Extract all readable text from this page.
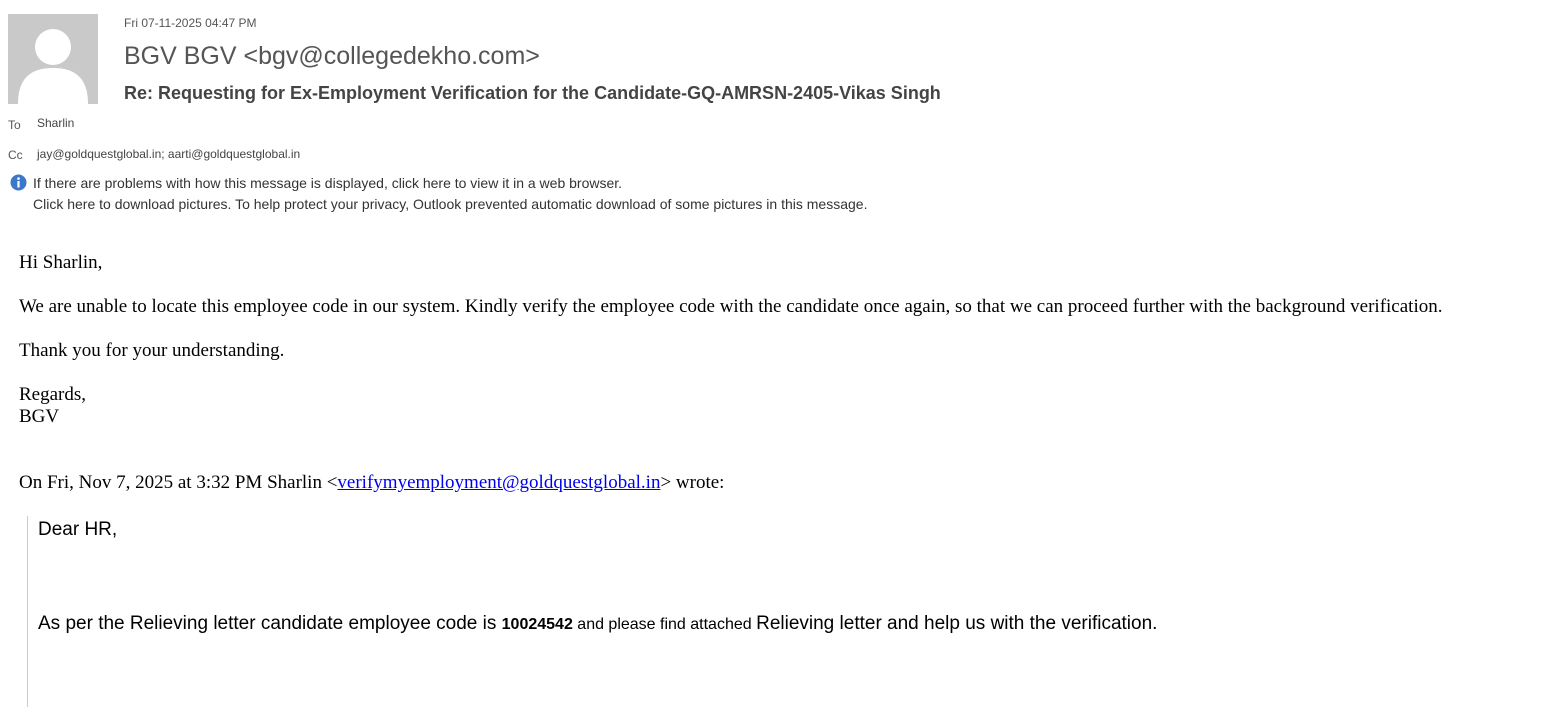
Fri 07-11-2025 04:47 PM
BGV BGV <bgv@collegedekho.com>
Re: Requesting for Ex-Employment Verification for the Candidate-GQ-AMRSN-2405-Vikas Singh
To Sharlin
Cc jay@goldquestglobal.in; aarti@goldquestglobal.in
If there are problems with how this message is displayed, click here to view it in a web browser.
Click here to download pictures. To help protect your privacy, Outlook prevented automatic download of some pictures in this message.
Hi Sharlin,
We are unable to locate this employee code in our system. Kindly verify the employee code with the candidate once again, so that we can proceed further with the background verification.
Thank you for your understanding.
Regards,
BGV
On Fri, Nov 7, 2025 at 3:32 PM Sharlin <verifymyemployment@goldquestglobal.in> wrote:
Dear HR,
As per the Relieving letter candidate employee code is 10024542 and please find attached Relieving letter and help us with the verification.
